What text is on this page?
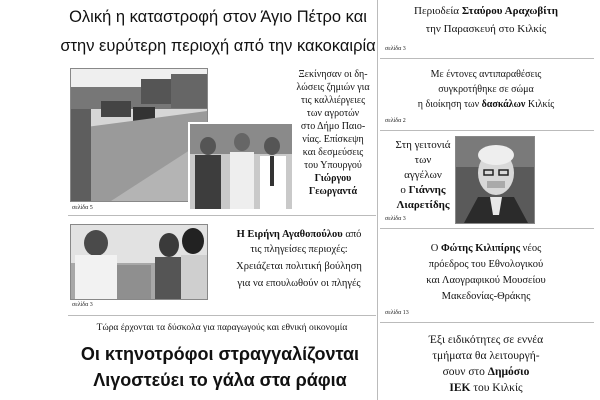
Ολική η καταστροφή στον Άγιο Πέτρο και
στην ευρύτερη περιοχή από την κακοκαιρία
Ξεκίνησαν οι δη-
λώσεις ζημιών για
τις καλλιέργειες
των αγροτών
στο Δήμο Παιο-
νίας. Επίσκεψη
και δεσμεύσεις
του Υπουργού
Γιώργου
Γεωργαντά
σελίδα 5
Η Ειρήνη Αγαθοπούλου από
τις πληγείσες περιοχές:
Χρειάζεται πολιτική βούληση
για να επουλωθούν οι πληγές
σελίδα 3
Τώρα έρχονται τα δύσκολα για παραγωγούς και εθνική οικονομία
Οι κτηνοτρόφοι στραγγαλίζονται
Λιγοστεύει το γάλα στα ράφια
Περιοδεία Σταύρου Αραχωβίτη
την Παρασκευή στο Κιλκίς
σελίδα 3
Με έντονες αντιπαραθέσεις
συγκροτήθηκε σε σώμα
η διοίκηση των δασκάλων Κιλκίς
σελίδα 2
Στη γειτονιά
των
αγγέλων
ο Γιάννης
Λιαρετίδης
σελίδα 3
Ο Φώτης Κιλιπίρης νέος
πρόεδρος του Εθνολογικού
και Λαογραφικού Μουσείου
Μακεδονίας-Θράκης
σελίδα 13
Έξι ειδικότητες σε εννέα
τμήματα θα λειτουργή-
σουν στο Δημόσιο
ΙΕΚ του Κιλκίς
